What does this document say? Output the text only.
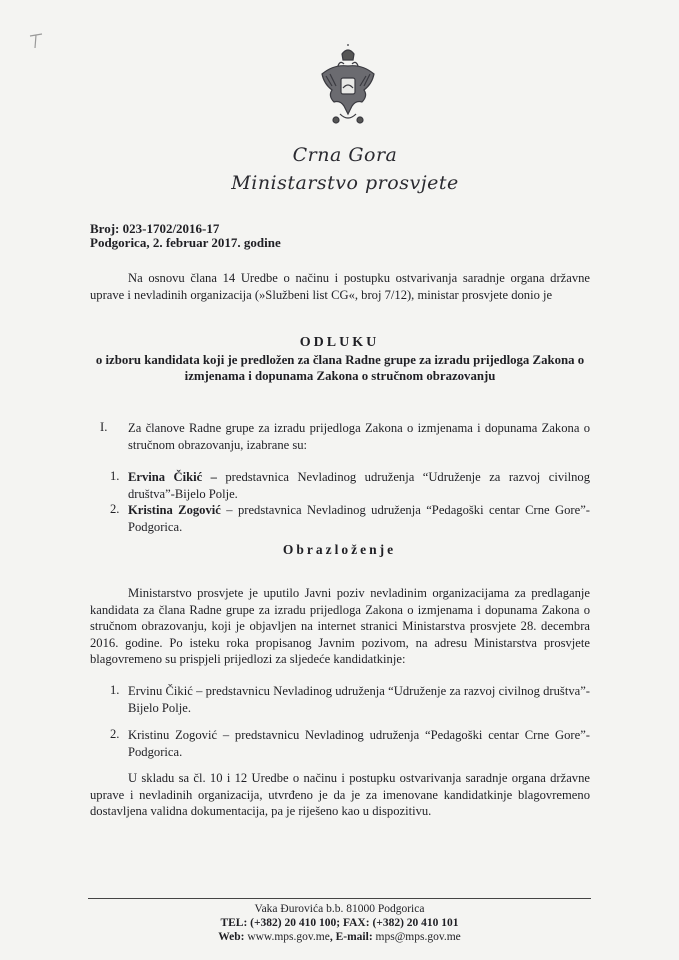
Crna Gora
Ministarstvo prosvjete
Broj: 023-1702/2016-17
Podgorica, 2. februar 2017. godine
Na osnovu člana 14 Uredbe o načinu i postupku ostvarivanja saradnje organa državne uprave i nevladinih organizacija (»Službeni list CG«, broj 7/12), ministar prosvjete donio je
ODLUKU
o izboru kandidata koji je predložen za člana Radne grupe za izradu prijedloga Zakona o izmjenama i dopunama Zakona o stručnom obrazovanju
I. Za članove Radne grupe za izradu prijedloga Zakona o izmjenama i dopunama Zakona o stručnom obrazovanju, izabrane su:
1. Ervina Čikić – predstavnica Nevladinog udruženja “Udruženje za razvoj civilnog društva”-Bijelo Polje.
2. Kristina Zogović – predstavnica Nevladinog udruženja “Pedagoški centar Crne Gore”- Podgorica.
Obrazloženje
Ministarstvo prosvjete je uputilo Javni poziv nevladinim organizacijama za predlaganje kandidata za člana Radne grupe za izradu prijedloga Zakona o izmjenama i dopunama Zakona o stručnom obrazovanju, koji je objavljen na internet stranici Ministarstva prosvjete 28. decembra 2016. godine. Po isteku roka propisanog Javnim pozivom, na adresu Ministarstva prosvjete blagovremeno su prispjeli prijedlozi za sljedeće kandidatkinje:
1. Ervinu Čikić – predstavnicu Nevladinog udruženja “Udruženje za razvoj civilnog društva”-Bijelo Polje.
2. Kristinu Zogović – predstavnicu Nevladinog udruženja “Pedagoški centar Crne Gore”- Podgorica.
U skladu sa čl. 10 i 12 Uredbe o načinu i postupku ostvarivanja saradnje organa državne uprave i nevladinih organizacija, utvrđeno je da je za imenovane kandidatkinje blagovremeno dostavljena validna dokumentacija, pa je riješeno kao u dispozitivu.
Vaka Đurovića b.b. 81000 Podgorica
TEL: (+382) 20 410 100; FAX: (+382) 20 410 101
Web: www.mps.gov.me, E-mail: mps@mps.gov.me
